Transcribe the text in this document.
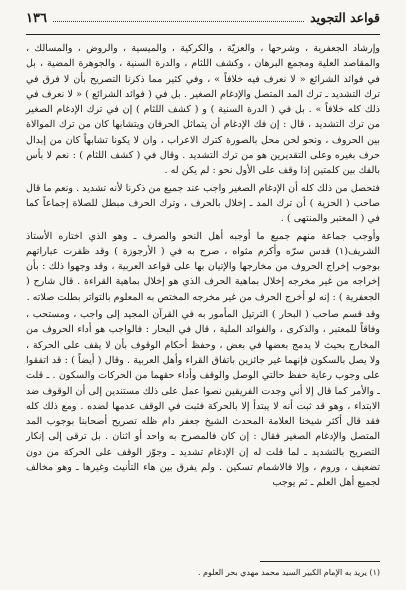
قواعد التجويد
١٣٦

وإرشاد الجعفرية ، وشرحها ، والعزيّة ، والكركية ، والميسية ، والروض ، والمسالك ، والمقاصد العلية ومجمع البرهان ، وكشف اللثام ، والدرة السنية ، والجوهرة المضية ، بل في فوائد الشرائع « لا نعرف فيه خلافاً » ، وفي كثير مما ذكرنا التصريح بأن لا فرق في ترك التشديد ـ ترك المد المتصل والإدغام الصغير . بل في ( فوائد الشرائع ) « لا نعرف في ذلك كله خلافاً » . بل في ( الدرة السنية ) و ( كشف اللثام ) إن في ترك الإدغام الصغير من ترك التشديد ، قال : إن فك الإدغام أن يتماثل الحرفان ويتشابها كان من ترك الموالاة بين الحروف ، ونحو لحن محل بالصورة كترك الاعراب ، وان لا يكونا تشابهاً كان من إبدال حرف بغيره وعلى التقديرين هو من ترك التشديد . وقال في ( كشف اللثام ) : نعم لا بأس بالفك بين كلمتين إذا وقف على الأول نحو : لم يكن له .

فتحصل من ذلك كله أن الإدغام الصغير واجب عند جميع من ذكرنا لأنه تشديد . ونعم ما قال صاحب ( الحزية ) أن ترك المد ـ إخلال بالحرف ، وترك الحرف مبطل للصلاة إجماعاً كما في ( المعتبر والمنتهى ) .

وأوجب جماعة منهم جميع ما أوجبه أهل النحو والصرف ـ وهو الذي اختاره الأستاذ الشريف(١) قدس سرّه وأكرم مثواه ، صرح به في ( الأرجوزة ) وقد ظفرت عباراتهم بوجوب إخراج الحروف من مخارجها والإتيان بها على قواعد العربية ، وقد وجهوا ذلك : بأن إخراجه من غير مخرجه إخلال بماهية الحرف الذي هو إخلال بماهية القراءة . قال شارح ( الجعفرية ) : إنه لو أخرج الحرف من غير مخرجه المختص به المعلوم بالتواتر بطلت صلاته .

وقد قسم صاحب ( البحار ) الترتيل المأمور به في القرآن المجيد إلى واجب ، ومستحب ، وفاقاً للمعتبر ، والذكرى ، والفوائد الملية ، قال في البحار : فالواجب هو أداء الحروف من المخارج بحيث لا يدمج بعضها في بعض ، وحفظ أحكام الوقوف بأن لا يقف على الحركة ، ولا يصل بالسكون فإنهما غير جائزين باتفاق القراء وأهل العربية . وقال ( أيضاً ) : قد اتفقوا على وجوب رعاية حفظ حالتي الوصل والوقف وأداء حقهما من الحركات والسكون . ـ قلت ـ والأمر كما قال إلا أني وجدت الفريقين نصوا عمل على ذلك مستندين إلى أن الوقوف ضد الابتداء ، وهو قد ثبت أنه لا يبتدأ إلا بالحركة فثبت في الوقف عدمها لضده . ومع ذلك كله فقد قال أكثر شيخنا العلامة المحدث الشيخ جعفر دام ظله تصريح أصحابنا بوجوب المد المتصل والإدغام الصغير فقال : إن كان فالمصرح به واحد أو اثنان . بل ترقى إلى إنكار التصريح بالتشديد ـ لما قلت له إن الإدغام تشديد ـ وجوّز الوقف على الحركة من دون تضعيف ، وروم ، وإلا فالاشمام تسكين . ولم يفرق بين هاء التأنيث وغيرها ـ وهو مخالف لجميع أهل العلم ـ ثم يوجب

(١) يريد به الإمام الكبير السيد محمد مهدي بحر العلوم .
